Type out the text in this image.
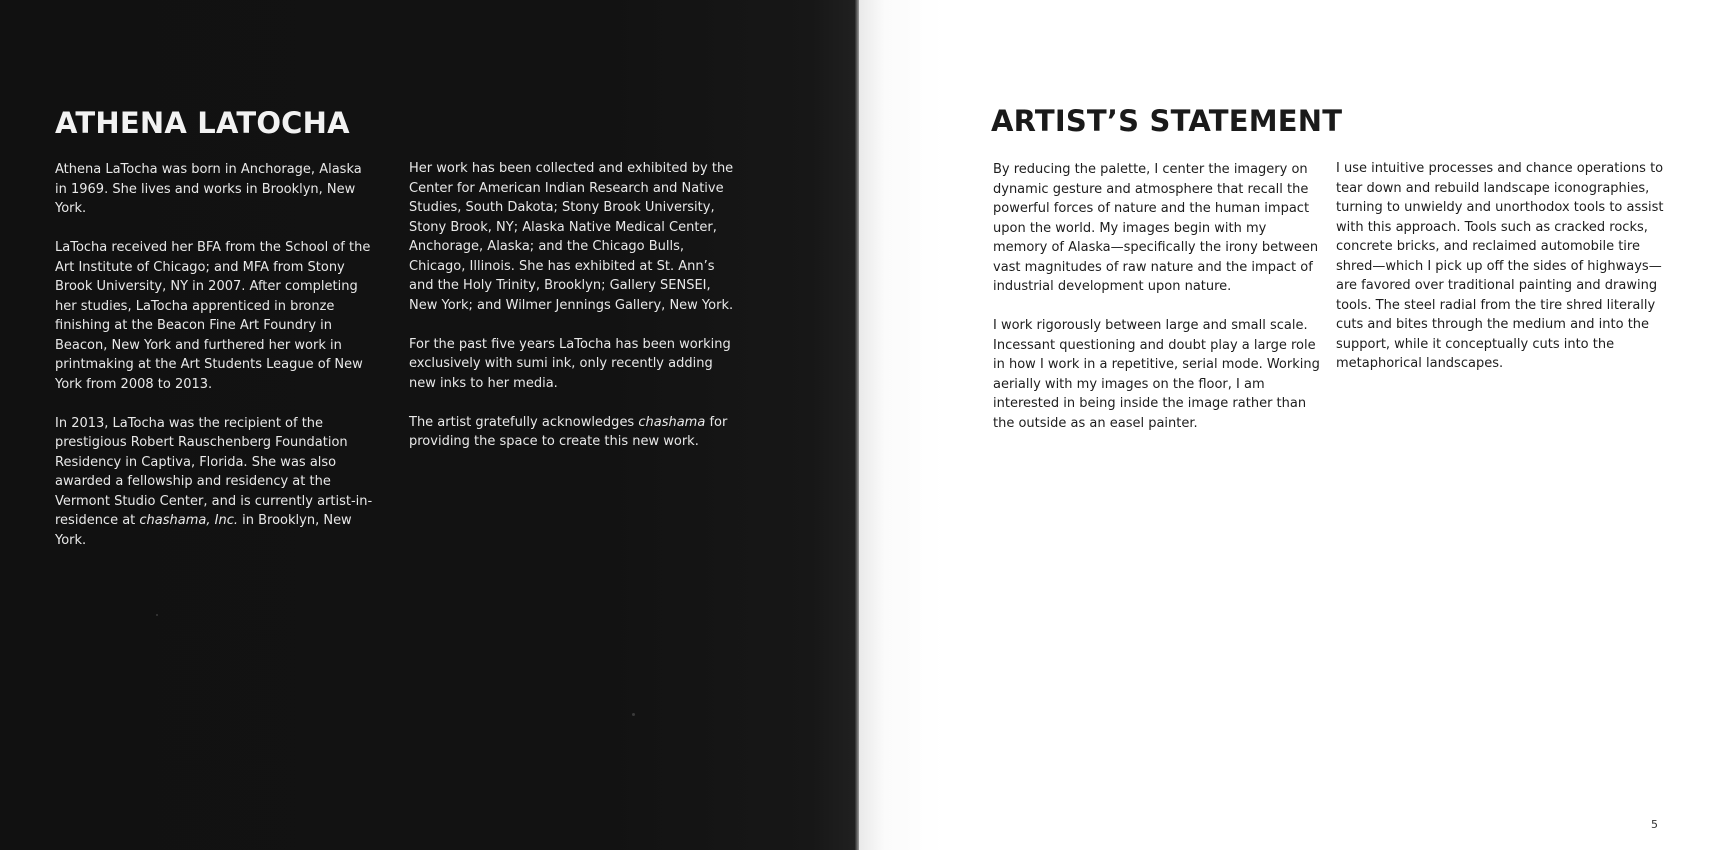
ATHENA LATOCHA

Athena LaTocha was born in Anchorage, Alaska in 1969. She lives and works in Brooklyn, New York.

LaTocha received her BFA from the School of the Art Institute of Chicago; and MFA from Stony Brook University, NY in 2007. After completing her studies, LaTocha apprenticed in bronze finishing at the Beacon Fine Art Foundry in Beacon, New York and furthered her work in printmaking at the Art Students League of New York from 2008 to 2013.

In 2013, LaTocha was the recipient of the prestigious Robert Rauschenberg Foundation Residency in Captiva, Florida. She was also awarded a fellowship and residency at the Vermont Studio Center, and is currently artist-in-residence at chashama, Inc. in Brooklyn, New York.

Her work has been collected and exhibited by the Center for American Indian Research and Native Studies, South Dakota; Stony Brook University, Stony Brook, NY; Alaska Native Medical Center, Anchorage, Alaska; and the Chicago Bulls, Chicago, Illinois. She has exhibited at St. Ann’s and the Holy Trinity, Brooklyn; Gallery SENSEI, New York; and Wilmer Jennings Gallery, New York.

For the past five years LaTocha has been working exclusively with sumi ink, only recently adding new inks to her media.

The artist gratefully acknowledges chashama for providing the space to create this new work.

ARTIST’S STATEMENT

By reducing the palette, I center the imagery on dynamic gesture and atmosphere that recall the powerful forces of nature and the human impact upon the world. My images begin with my memory of Alaska—specifically the irony between vast magnitudes of raw nature and the impact of industrial development upon nature.

I work rigorously between large and small scale. Incessant questioning and doubt play a large role in how I work in a repetitive, serial mode. Working aerially with my images on the floor, I am interested in being inside the image rather than the outside as an easel painter.

I use intuitive processes and chance operations to tear down and rebuild landscape iconographies, turning to unwieldy and unorthodox tools to assist with this approach. Tools such as cracked rocks, concrete bricks, and reclaimed automobile tire shred—which I pick up off the sides of highways—are favored over traditional painting and drawing tools. The steel radial from the tire shred literally cuts and bites through the medium and into the support, while it conceptually cuts into the metaphorical landscapes.

5
